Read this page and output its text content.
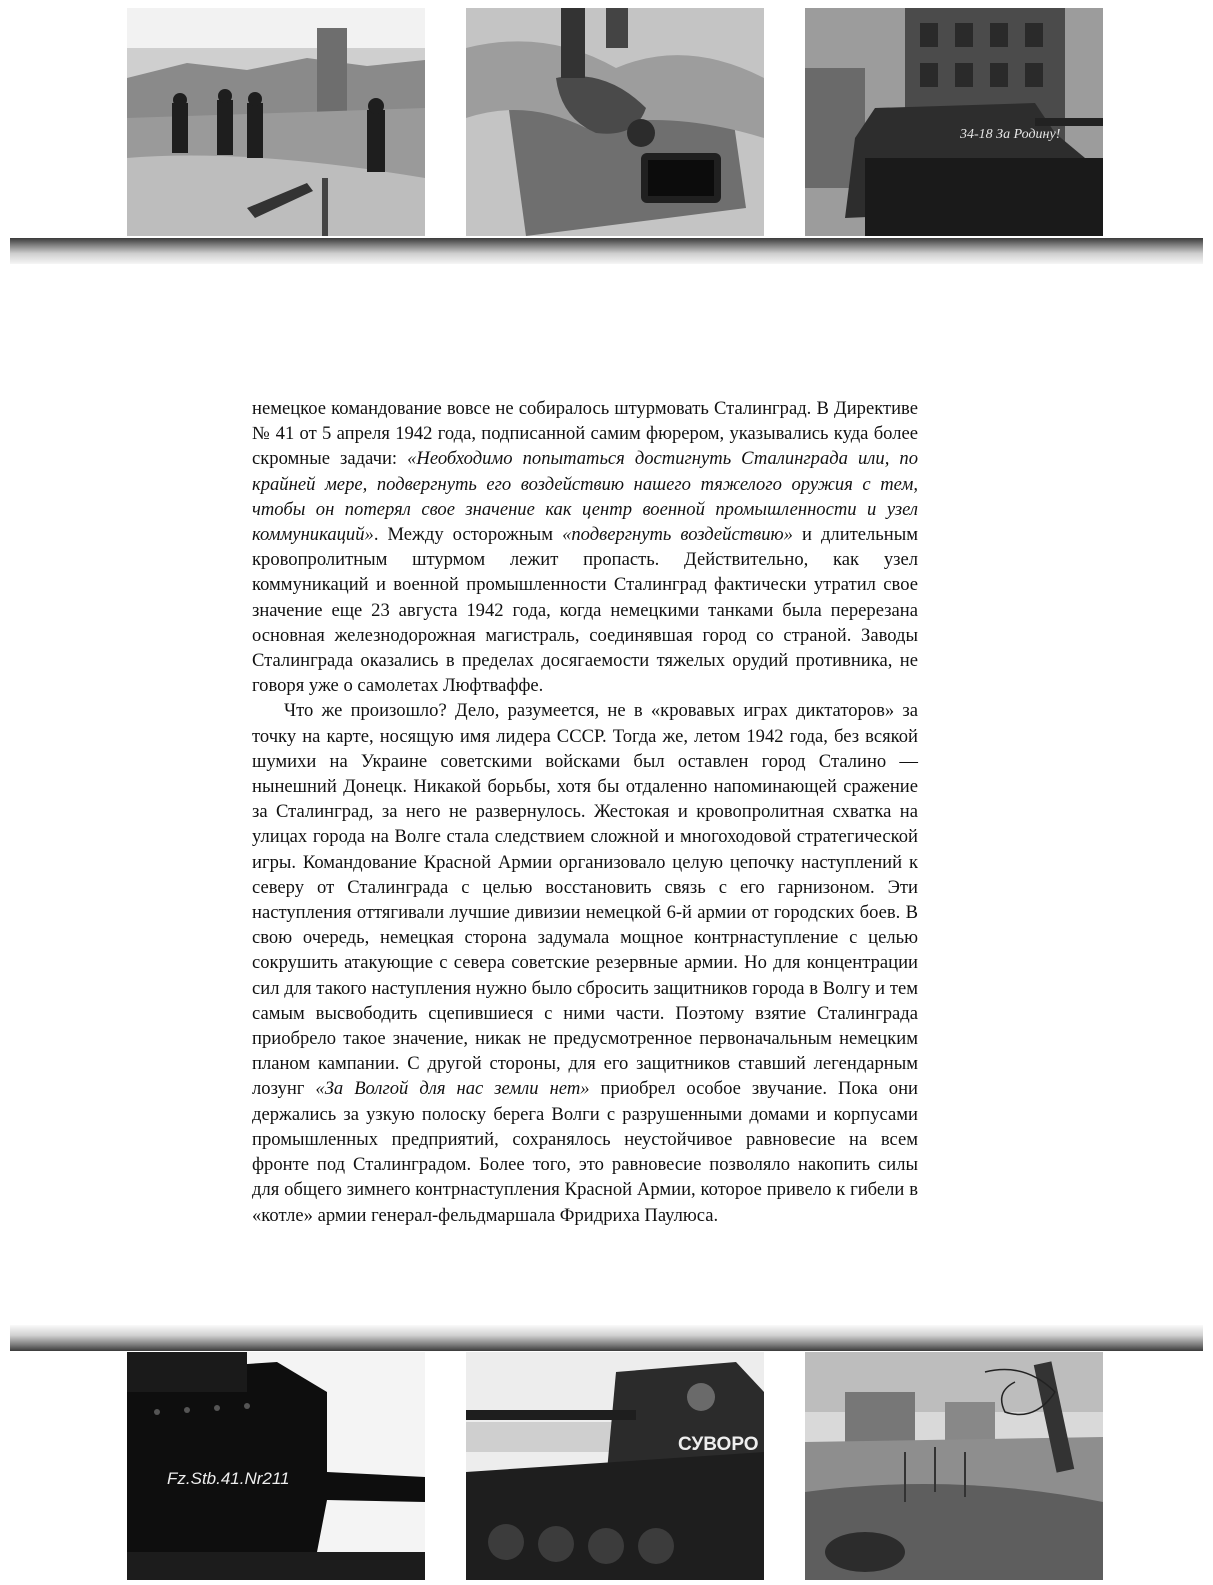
34-18 За Родину!

немецкое командование вовсе не собиралось штурмовать Сталинград. В Директиве № 41 от 5 апреля 1942 года, подписанной самим фюрером, указывались куда более скромные задачи: «Необходимо попытаться достигнуть Сталинграда или, по крайней мере, подвергнуть его воздействию нашего тяжелого оружия с тем, чтобы он потерял свое значение как центр военной промышленности и узел коммуникаций». Между осторожным «подвергнуть воздействию» и длительным кровопролитным штурмом лежит пропасть. Действительно, как узел коммуникаций и военной промышленности Сталинград фактически утратил свое значение еще 23 августа 1942 года, когда немецкими танками была перерезана основная железнодорожная магистраль, соединявшая город со страной. Заводы Сталинграда оказались в пределах досягаемости тяжелых орудий противника, не говоря уже о самолетах Люфтваффе.

Что же произошло? Дело, разумеется, не в «кровавых играх диктаторов» за точку на карте, носящую имя лидера СССР. Тогда же, летом 1942 года, без всякой шумихи на Украине советскими войсками был оставлен город Сталино — нынешний Донецк. Никакой борьбы, хотя бы отдаленно напоминающей сражение за Сталинград, за него не развернулось. Жестокая и кровопролитная схватка на улицах города на Волге стала следствием сложной и многоходовой стратегической игры. Командование Красной Армии организовало целую цепочку наступлений к северу от Сталинграда с целью восстановить связь с его гарнизоном. Эти наступления оттягивали лучшие дивизии немецкой 6-й армии от городских боев. В свою очередь, немецкая сторона задумала мощное контрнаступление с целью сокрушить атакующие с севера советские резервные армии. Но для концентрации сил для такого наступления нужно было сбросить защитников города в Волгу и тем самым высвободить сцепившиеся с ними части. Поэтому взятие Сталинграда приобрело такое значение, никак не предусмотренное первоначальным немецким планом кампании. С другой стороны, для его защитников ставший легендарным лозунг «За Волгой для нас земли нет» приобрел особое звучание. Пока они держались за узкую полоску берега Волги с разрушенными домами и корпусами промышленных предприятий, сохранялось неустойчивое равновесие на всем фронте под Сталинградом. Более того, это равновесие позволяло накопить силы для общего зимнего контрнаступления Красной Армии, которое привело к гибели в «котле» армии генерал-фельдмаршала Фридриха Паулюса.

Fz.Stb.41.Nr211
СУВОРО
